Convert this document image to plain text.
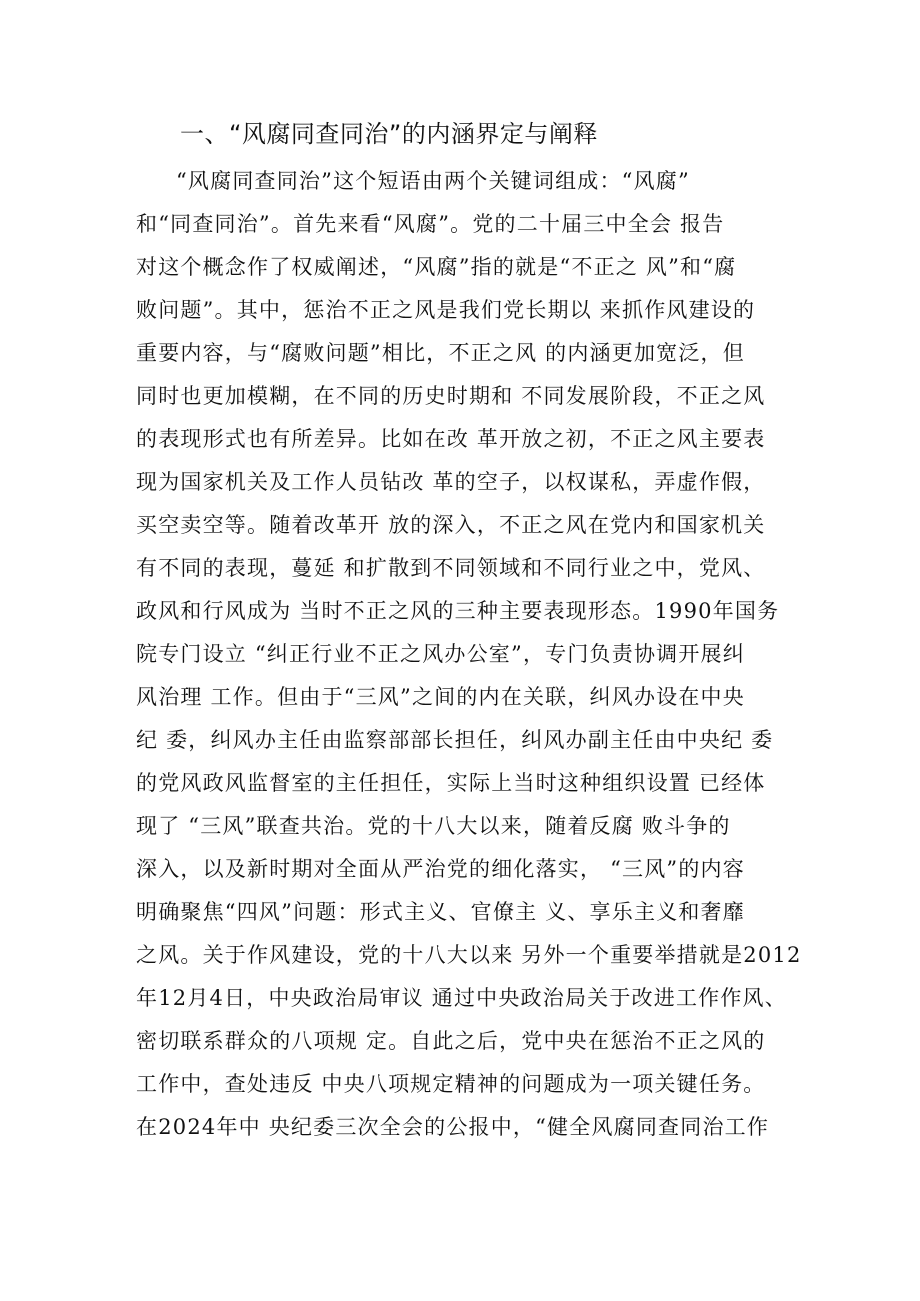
一、“风腐同查同治”的内涵界定与阐释
“风腐同查同治”这个短语由两个关键词组成：“风腐”
和“同查同治”。首先来看“风腐”。党的二十届三中全会 报告
对这个概念作了权威阐述，“风腐”指的就是“不正之 风”和“腐
败问题”。其中，惩治不正之风是我们党长期以 来抓作风建设的
重要内容，与“腐败问题”相比，不正之风 的内涵更加宽泛，但
同时也更加模糊，在不同的历史时期和 不同发展阶段，不正之风
的表现形式也有所差异。比如在改 革开放之初，不正之风主要表
现为国家机关及工作人员钻改 革的空子，以权谋私，弄虚作假，
买空卖空等。随着改革开 放的深入，不正之风在党内和国家机关
有不同的表现，蔓延 和扩散到不同领域和不同行业之中，党风、
政风和行风成为 当时不正之风的三种主要表现形态。1990年国务
院专门设立 “纠正行业不正之风办公室”，专门负责协调开展纠
风治理 工作。但由于“三风”之间的内在关联，纠风办设在中央
纪 委，纠风办主任由监察部部长担任，纠风办副主任由中央纪 委
的党风政风监督室的主任担任，实际上当时这种组织设置 已经体
现了 “三风”联查共治。党的十八大以来，随着反腐 败斗争的
深入，以及新时期对全面从严治党的细化落实， “三风”的内容
明确聚焦“四风”问题：形式主义、官僚主 义、享乐主义和奢靡
之风。关于作风建设，党的十八大以来 另外一个重要举措就是2012
年12月4日，中央政治局审议 通过中央政治局关于改进工作作风、
密切联系群众的八项规 定。自此之后，党中央在惩治不正之风的
工作中，查处违反 中央八项规定精神的问题成为一项关键任务。
在2024年中 央纪委三次全会的公报中，“健全风腐同查同治工作
